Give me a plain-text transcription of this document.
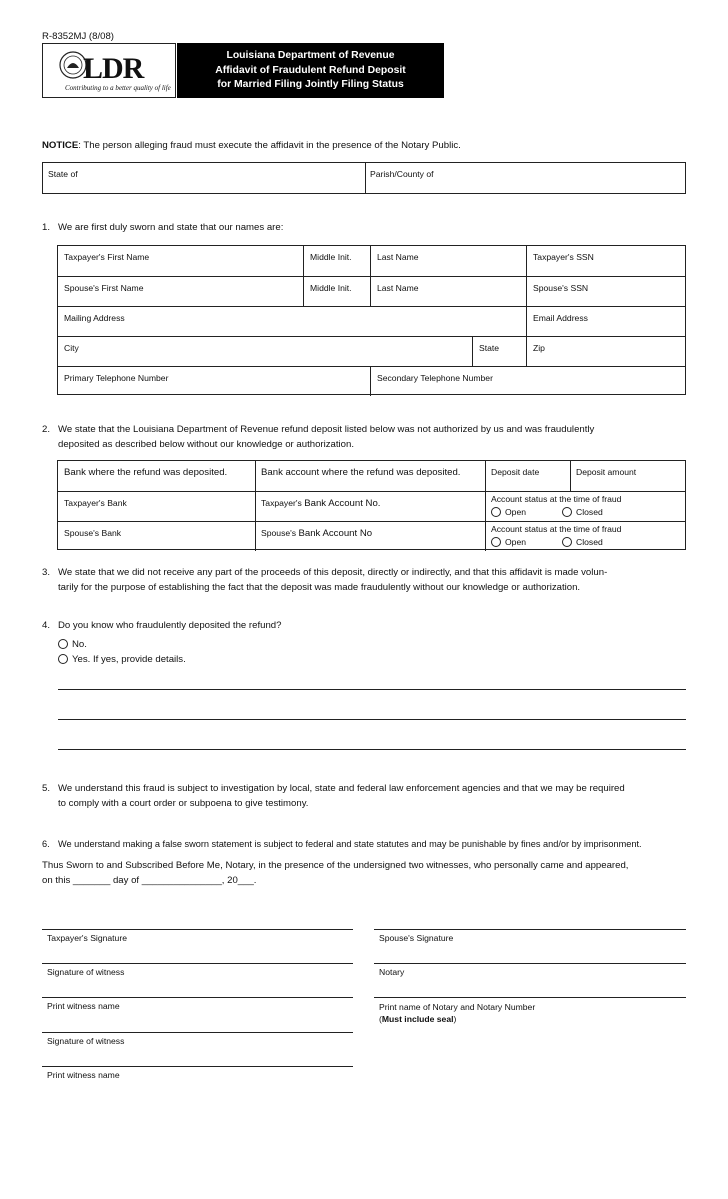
R-8352MJ (8/08)
LDR
Contributing to a better quality of life
Louisiana Department of Revenue
Affidavit of Fraudulent Refund Deposit
for Married Filing Jointly Filing Status
NOTICE: The person alleging fraud must execute the affidavit in the presence of the Notary Public.
State of	Parish/County of
1. We are first duly sworn and state that our names are:
Taxpayer's First Name	Middle Init.	Last Name	Taxpayer's SSN
Spouse's First Name	Middle Init.	Last Name	Spouse's SSN
Mailing Address	Email Address
City	State	Zip
Primary Telephone Number	Secondary Telephone Number
2. We state that the Louisiana Department of Revenue refund deposit listed below was not authorized by us and was fraudulently
deposited as described below without our knowledge or authorization.
Bank where the refund was deposited.	Bank account where the refund was deposited.	Deposit date	Deposit amount
Taxpayer's Bank	Taxpayer's Bank Account No.	Account status at the time of fraud
Open	Closed
Spouse's Bank	Spouse's Bank Account No	Account status at the time of fraud
Open	Closed
3. We state that we did not receive any part of the proceeds of this deposit, directly or indirectly, and that this affidavit is made volun-
tarily for the purpose of establishing the fact that the deposit was made fraudulently without our knowledge or authorization.
4. Do you know who fraudulently deposited the refund?
No.
Yes. If yes, provide details.
5. We understand this fraud is subject to investigation by local, state and federal law enforcement agencies and that we may be required
to comply with a court order or subpoena to give testimony.
6. We understand making a false sworn statement is subject to federal and state statutes and may be punishable by fines and/or by imprisonment.
Thus Sworn to and Subscribed Before Me, Notary, in the presence of the undersigned two witnesses, who personally came and appeared,
on this _______ day of _______________, 20___.
Taxpayer's Signature	Spouse's Signature
Signature of witness	Notary
Print witness name	Print name of Notary and Notary Number
(Must include seal)
Signature of witness
Print witness name
